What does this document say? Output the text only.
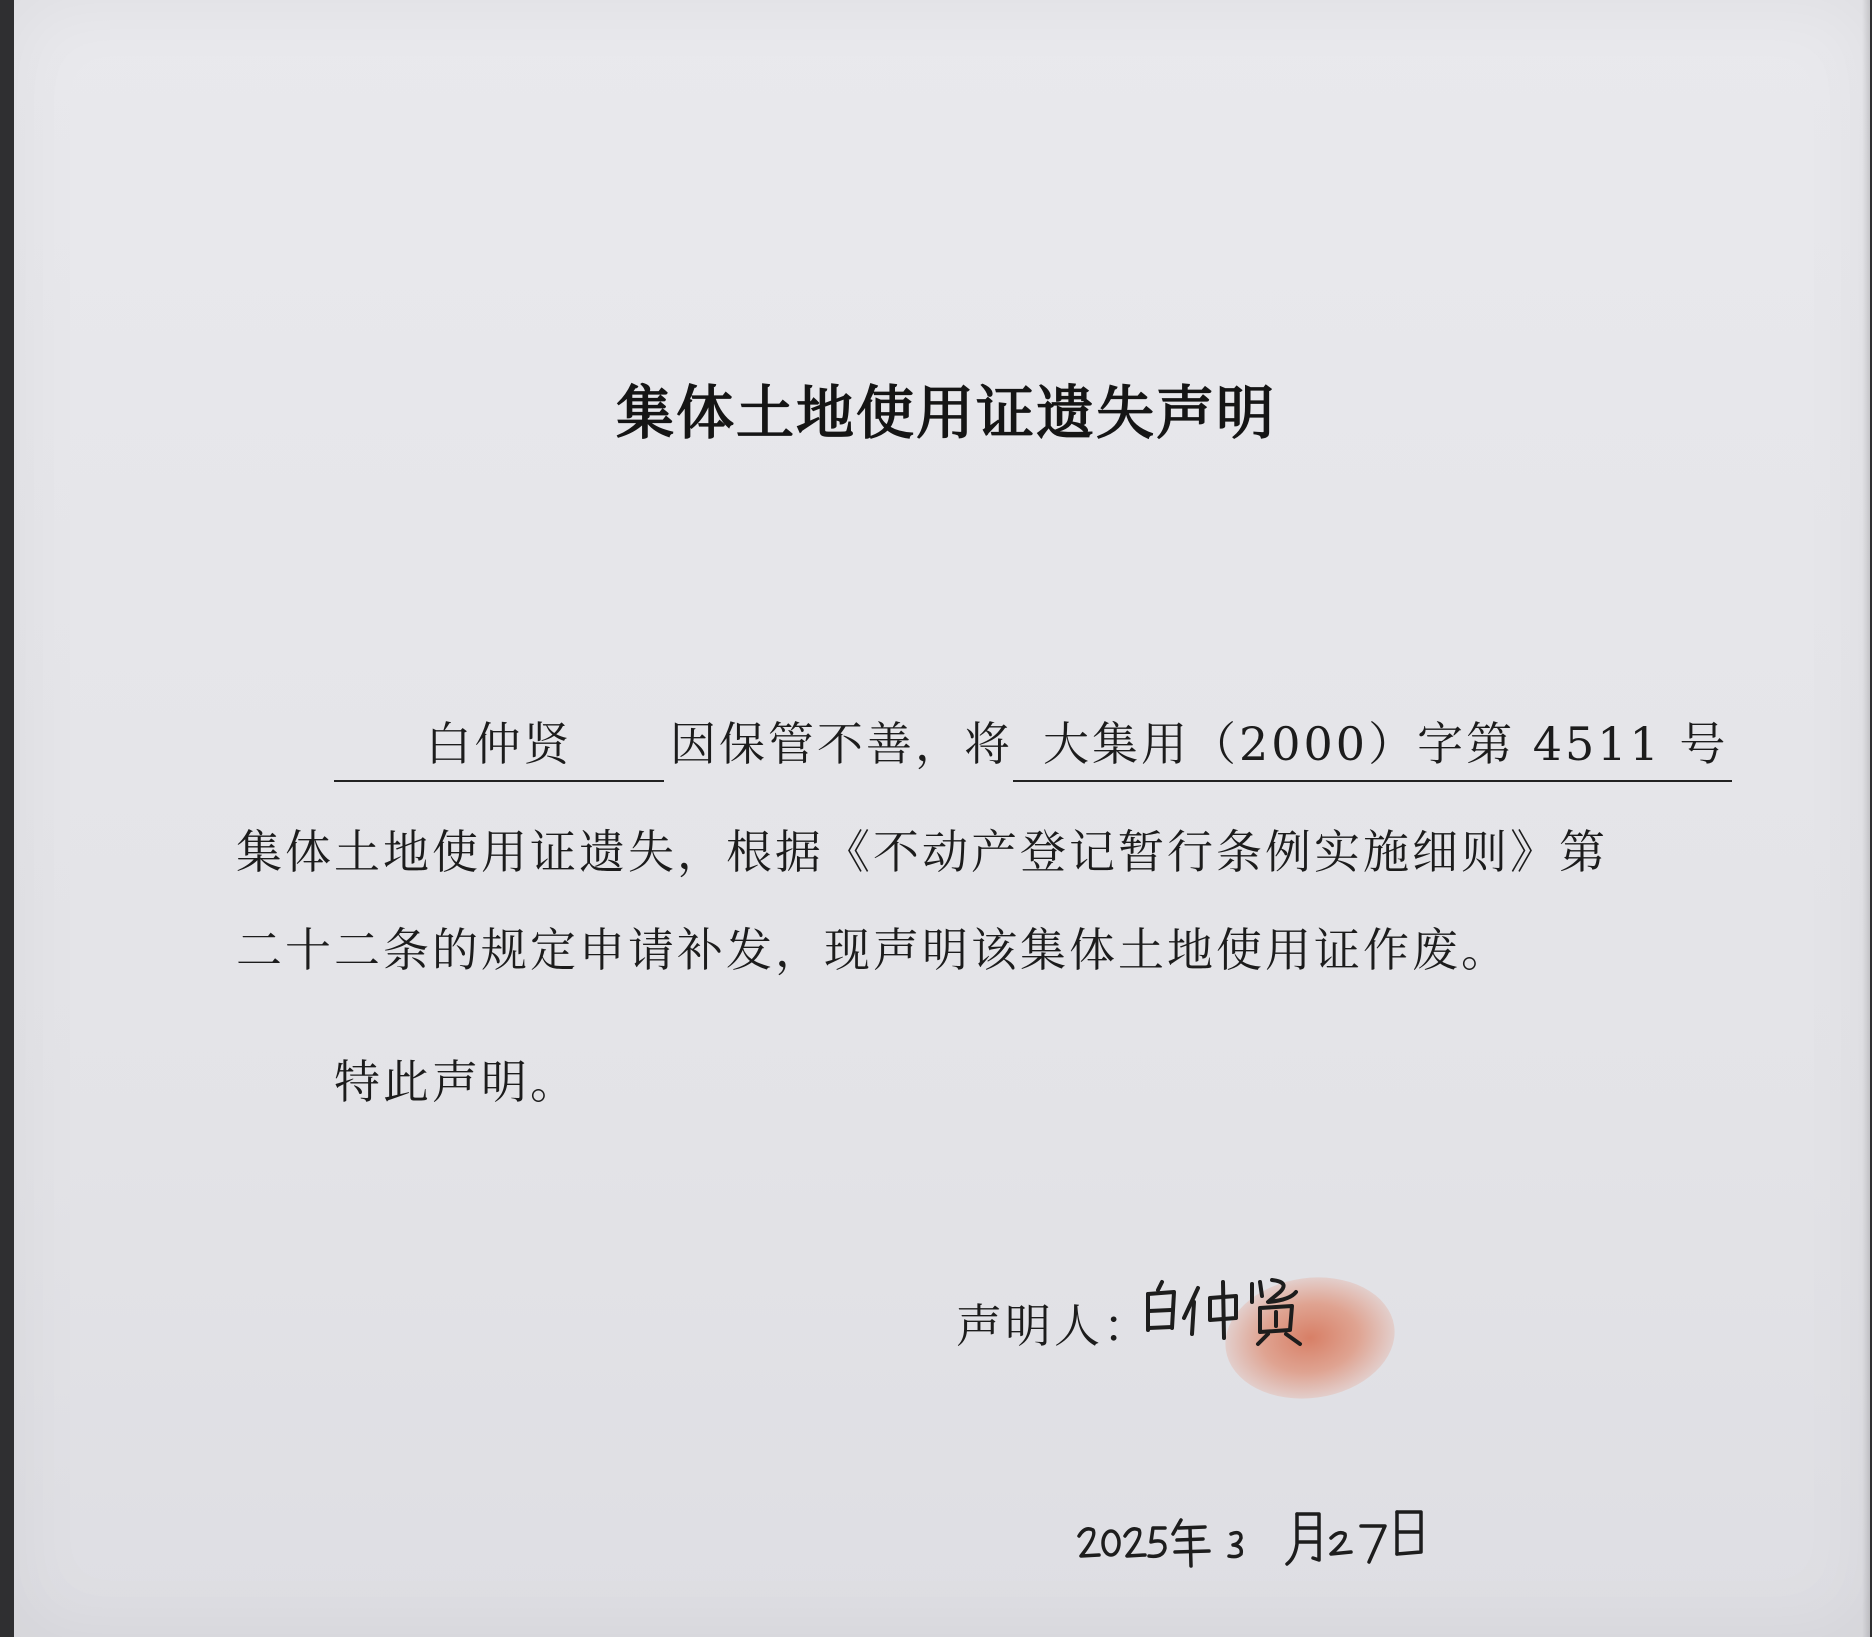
集体土地使用证遗失声明
白仲贤 因保管不善，将 大集用（2000）字第 4511 号
集体土地使用证遗失，根据《不动产登记暂行条例实施细则》第
二十二条的规定申请补发，现声明该集体土地使用证作废。
特此声明。
声明人：
